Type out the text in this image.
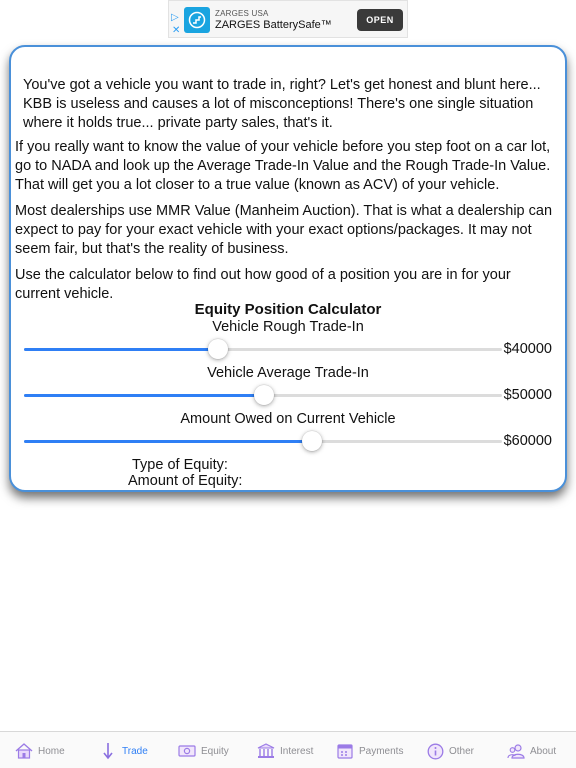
▷
✕
ZARGES USA
ZARGES BatterySafe™	OPEN
You've got a vehicle you want to trade in, right? Let's get honest and blunt here... KBB is useless and causes a lot of misconceptions! There's one single situation where it holds true... private party sales, that's it.
If you really want to know the value of your vehicle before you step foot on a car lot, go to NADA and look up the Average Trade-In Value and the Rough Trade-In Value. That will get you a lot closer to a true value (known as ACV) of your vehicle.
Most dealerships use MMR Value (Manheim Auction). That is what a dealership can expect to pay for your exact vehicle with your exact options/packages. It may not seem fair, but that's the reality of business.
Use the calculator below to find out how good of a position you are in for your current vehicle.
Equity Position Calculator
Vehicle Rough Trade-In
$40000
Vehicle Average Trade-In
$50000
Amount Owed on Current Vehicle
$60000
Type of Equity:
Amount of Equity:
Home	Trade	Equity	Interest	Payments	Other	About
